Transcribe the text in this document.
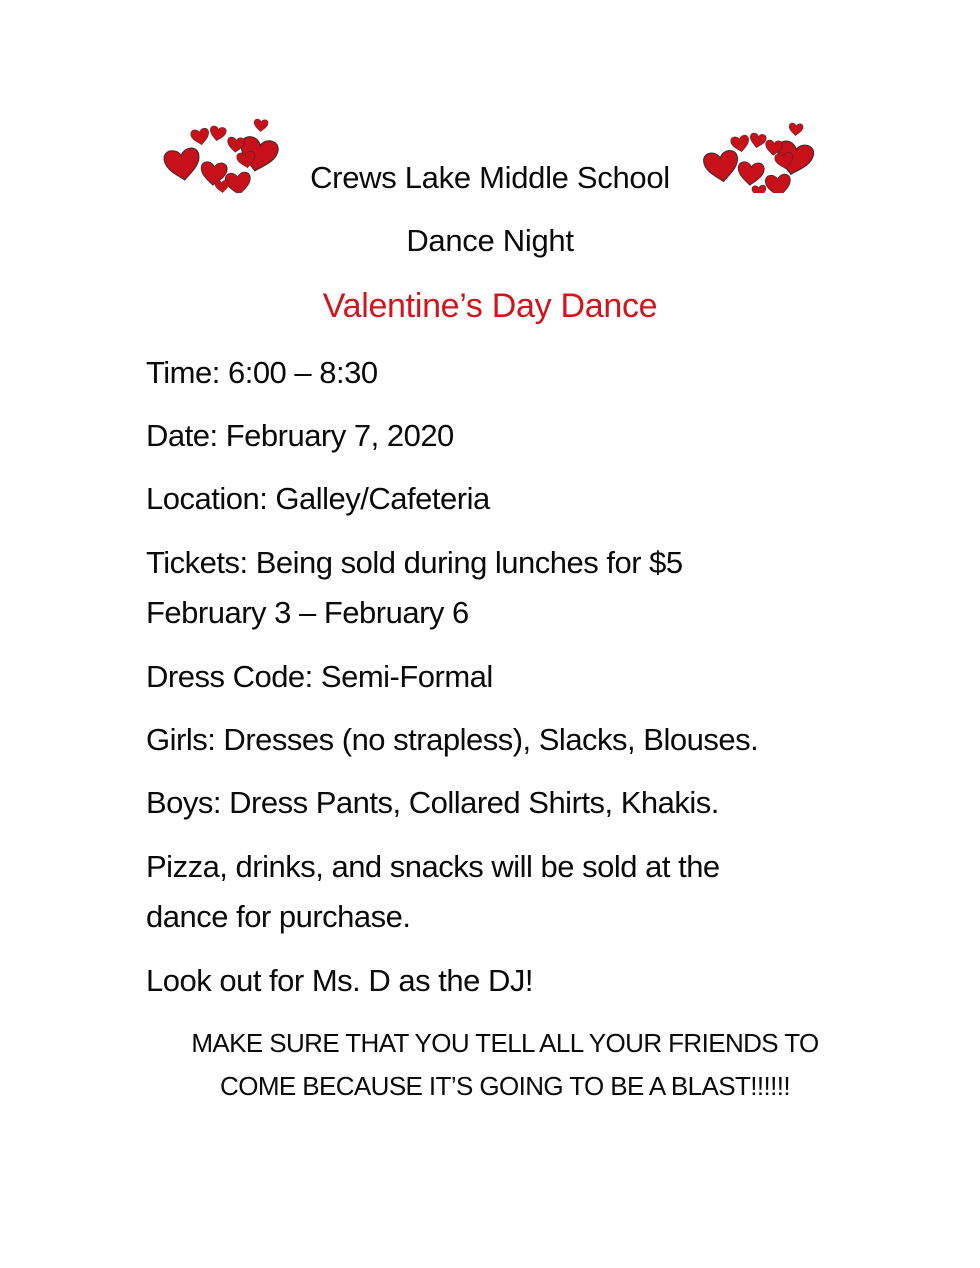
Crews Lake Middle School
Dance Night
Valentine’s Day Dance
Time: 6:00 – 8:30
Date: February 7, 2020
Location: Galley/Cafeteria
Tickets: Being sold during lunches for $5
February 3 – February 6
Dress Code: Semi-Formal
Girls: Dresses (no strapless), Slacks, Blouses.
Boys: Dress Pants, Collared Shirts, Khakis.
Pizza, drinks, and snacks will be sold at the
dance for purchase.
Look out for Ms. D as the DJ!
MAKE SURE THAT YOU TELL ALL YOUR FRIENDS TO
COME BECAUSE IT’S GOING TO BE A BLAST!!!!!!
